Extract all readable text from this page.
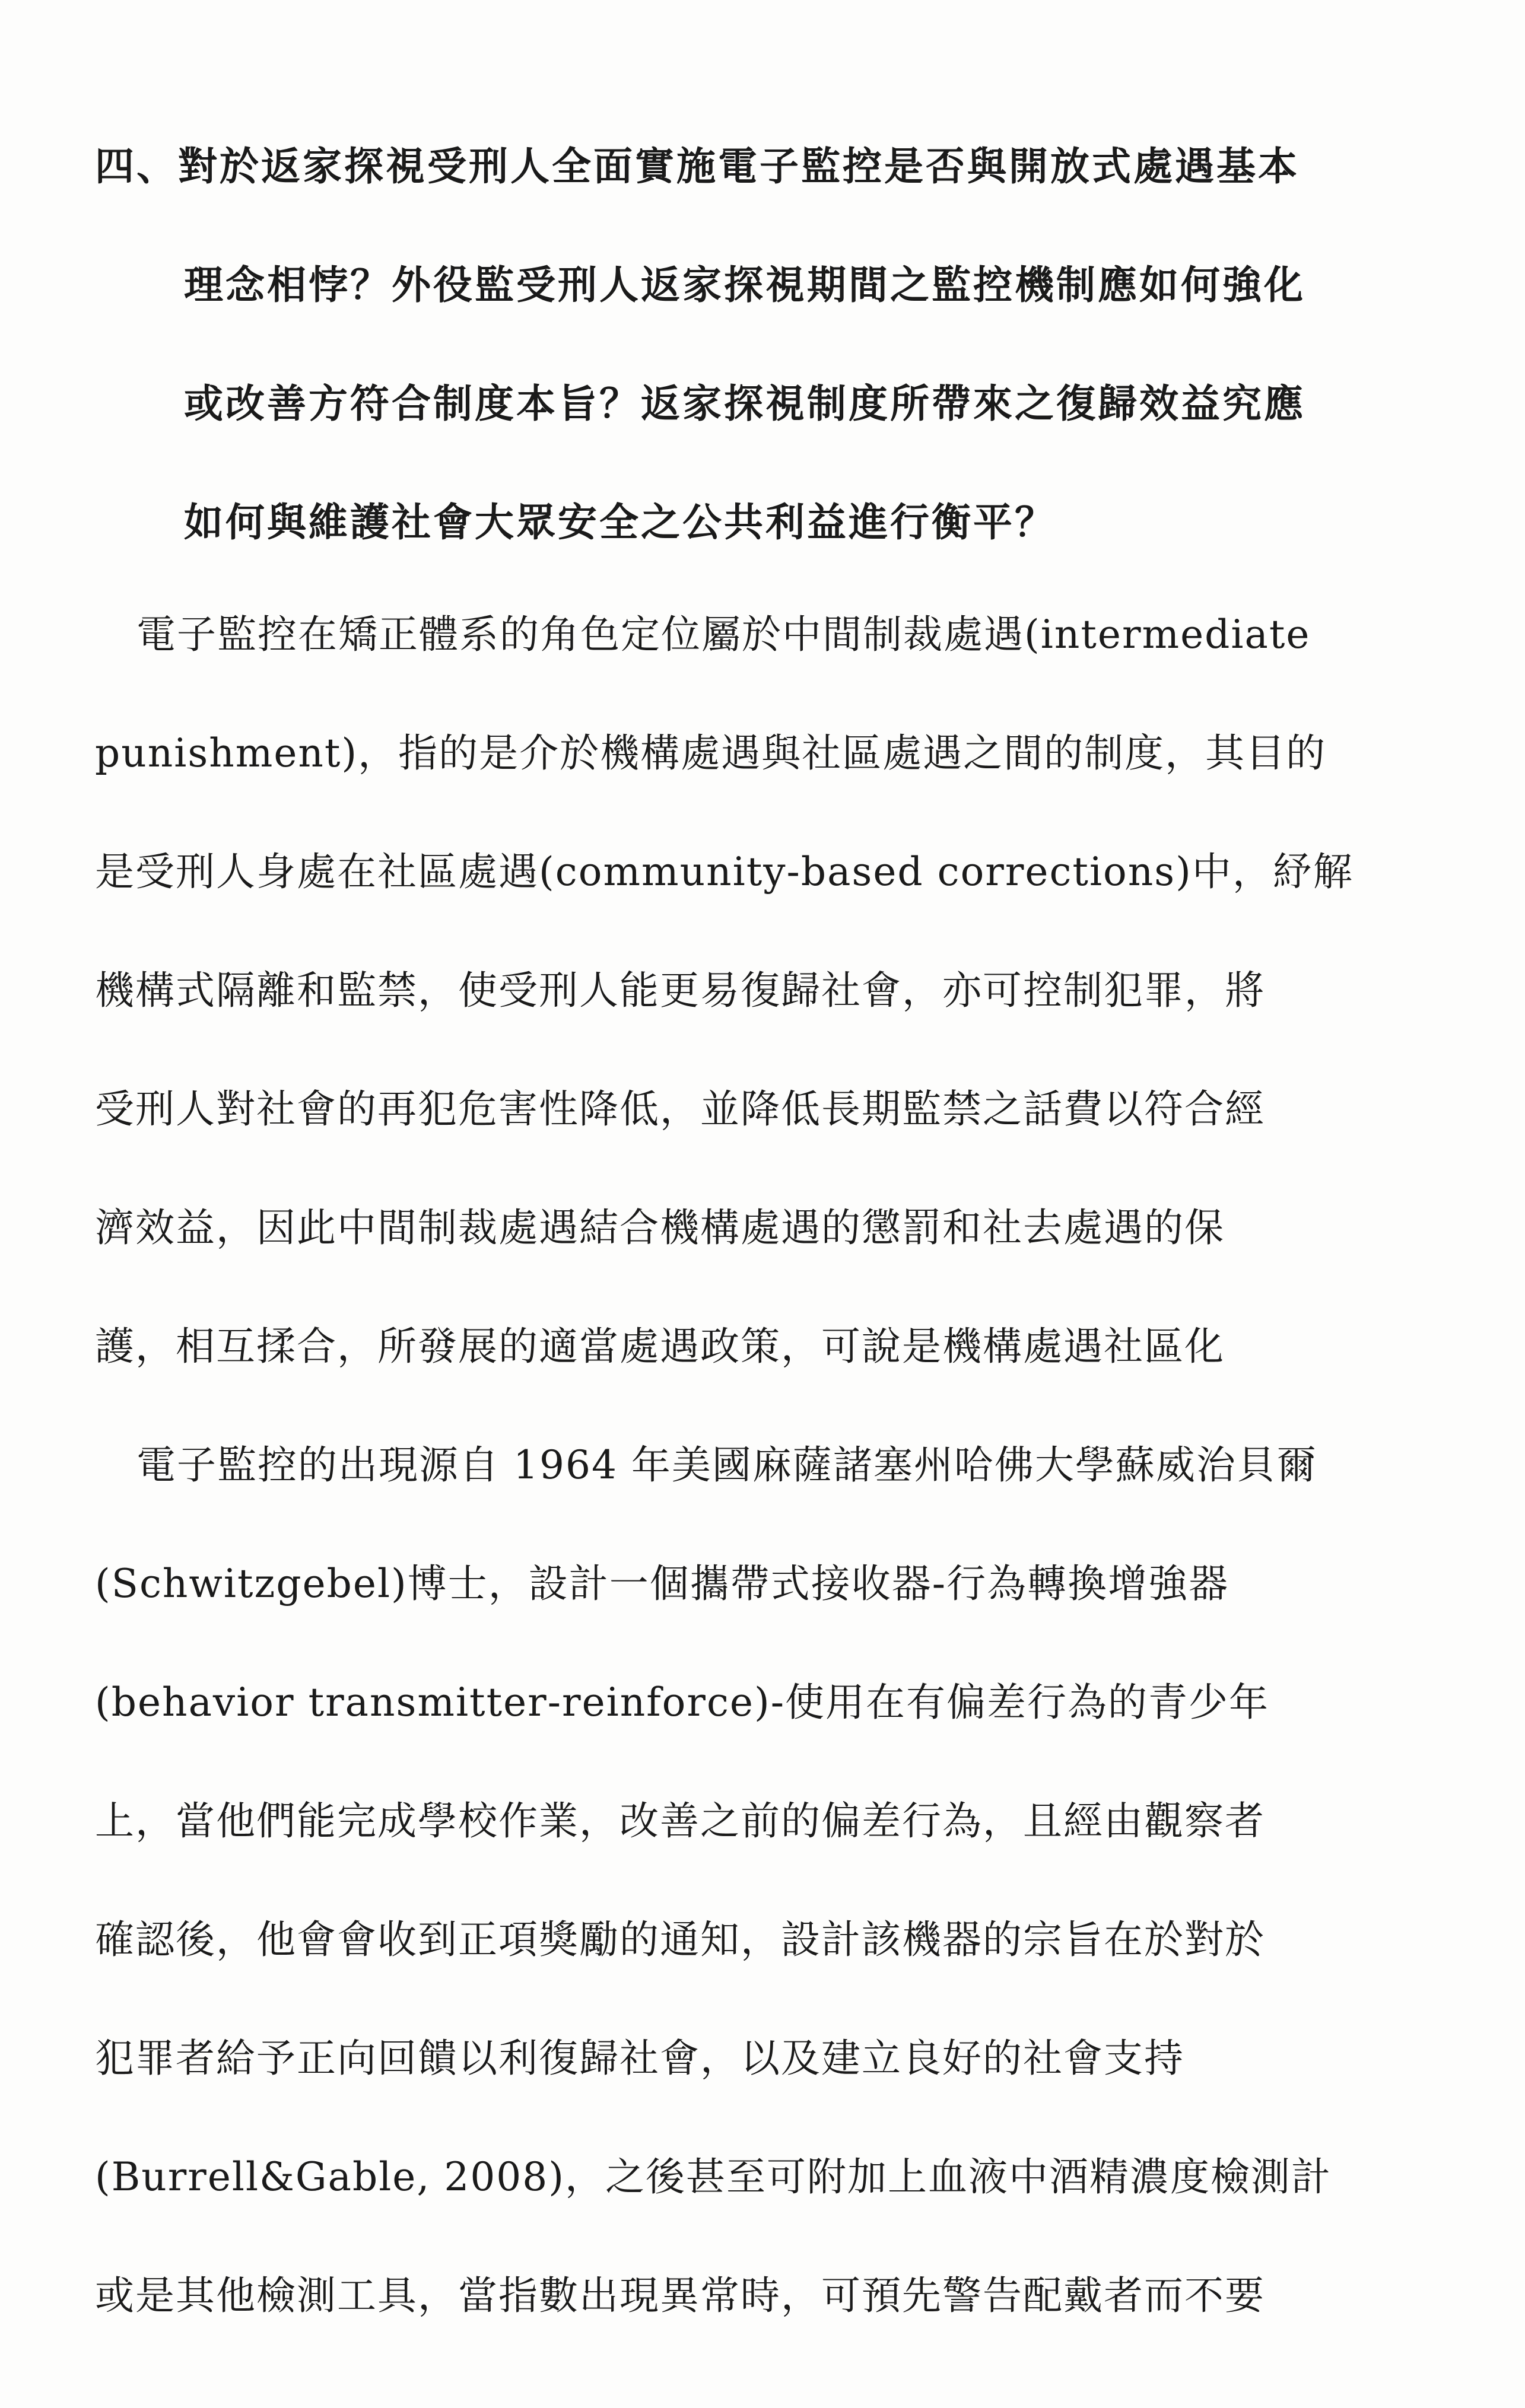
四、對於返家探視受刑人全面實施電子監控是否與開放式處遇基本
理念相悖？外役監受刑人返家探視期間之監控機制應如何強化
或改善方符合制度本旨？返家探視制度所帶來之復歸效益究應
如何與維護社會大眾安全之公共利益進行衡平？
電子監控在矯正體系的角色定位屬於中間制裁處遇(intermediate
punishment)，指的是介於機構處遇與社區處遇之間的制度，其目的
是受刑人身處在社區處遇(community-based corrections)中，紓解
機構式隔離和監禁，使受刑人能更易復歸社會，亦可控制犯罪，將
受刑人對社會的再犯危害性降低，並降低長期監禁之話費以符合經
濟效益，因此中間制裁處遇結合機構處遇的懲罰和社去處遇的保
護，相互揉合，所發展的適當處遇政策，可說是機構處遇社區化
電子監控的出現源自 1964 年美國麻薩諸塞州哈佛大學蘇威治貝爾
(Schwitzgebel)博士，設計一個攜帶式接收器-行為轉換增強器
(behavior transmitter-reinforce)-使用在有偏差行為的青少年
上，當他們能完成學校作業，改善之前的偏差行為，且經由觀察者
確認後，他會會收到正項獎勵的通知，設計該機器的宗旨在於對於
犯罪者給予正向回饋以利復歸社會，以及建立良好的社會支持
(Burrell&Gable, 2008)，之後甚至可附加上血液中酒精濃度檢測計
或是其他檢測工具，當指數出現異常時，可預先警告配戴者而不要
